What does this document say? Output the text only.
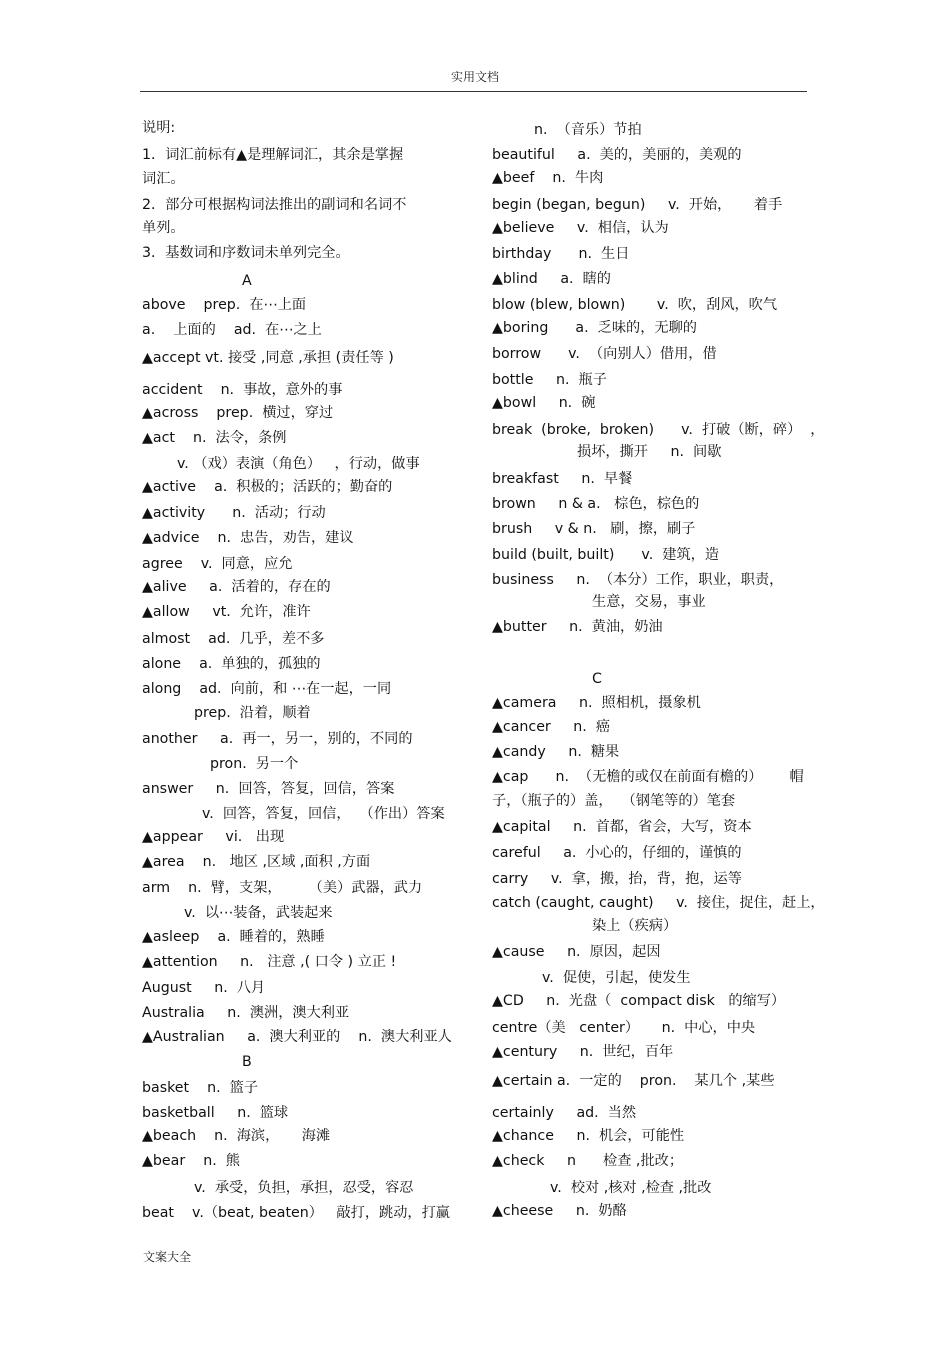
实用文档
说明:
1．词汇前标有▲是理解词汇，其余是掌握
词汇。
2．部分可根据构词法推出的副词和名词不
单列。
3．基数词和序数词未单列完全。
A
above    prep.  在⋯上面
a.    上面的    ad.  在⋯之上
▲accept vt. 接受 ,同意 ,承担 (责任等 )
accident    n.  事故，意外的事
▲across    prep.  横过，穿过
▲act    n.  法令，条例
v. （戏）表演（角色）   ，行动，做事
▲active    a.  积极的；活跃的；勤奋的
▲activity      n.  活动；行动
▲advice    n.  忠告，劝告，建议
agree    v.  同意，应允
▲alive     a.  活着的，存在的
▲allow     vt.  允许，准许
almost    ad.  几乎，差不多
alone    a.  单独的，孤独的
along    ad.  向前，和 ⋯在一起，一同
prep.  沿着，顺着
another     a.  再一，另一，别的，不同的
pron.  另一个
answer     n.  回答，答复，回信，答案
v.  回答，答复，回信，  （作出）答案
▲appear     vi.   出现
▲area    n.   地区 ,区域 ,面积 ,方面
arm    n.  臂，支架，      （美）武器，武力
v.  以⋯装备，武装起来
▲asleep    a.  睡着的，熟睡
▲attention     n.   注意 ,( 口令 ) 立正 !
August     n.  八月
Australia     n.  澳洲，澳大利亚
▲Australian     a.  澳大利亚的    n.  澳大利亚人
B
basket    n.  篮子
basketball     n.  篮球
▲beach    n.  海滨，     海滩
▲bear    n.  熊
v.  承受，负担，承担，忍受，容忍
beat    v.（beat, beaten）   敲打，跳动，打赢
n.  （音乐）节拍
beautiful     a.  美的，美丽的，美观的
▲beef    n.  牛肉
begin (began, begun)     v.  开始，     着手
▲believe     v.  相信，认为
birthday      n.  生日
▲blind     a.  瞎的
blow (blew, blown)       v.  吹，刮风，吹气
▲boring      a.  乏味的，无聊的
borrow      v.  （向别人）借用，借
bottle     n.  瓶子
▲bowl     n.  碗
break  (broke,  broken)      v.  打破（断，碎）  ，
损坏，撕开     n.  间歇
breakfast     n.  早餐
brown     n & a.   棕色，棕色的
brush     v & n.   刷，擦，刷子
build (built, built)      v.  建筑，造
business     n.  （本分）工作，职业，职责，
生意，交易，事业
▲butter     n.  黄油，奶油
C
▲camera     n.  照相机，摄象机
▲cancer     n.  癌
▲candy     n.  糖果
▲cap      n.  （无檐的或仅在前面有檐的）      帽
子，（瓶子的）盖，  （钢笔等的）笔套
▲capital     n.  首都，省会，大写，资本
careful     a.  小心的，仔细的，谨慎的
carry     v.  拿，搬，抬，背，抱，运等
catch (caught, caught)     v.  接住，捉住，赶上，
染上（疾病）
▲cause     n.  原因，起因
v.  促使，引起，使发生
▲CD     n.  光盘（  compact disk   的缩写）
centre（美   center）     n.  中心，中央
▲century     n.  世纪，百年
▲certain a.  一定的    pron.    某几个 ,某些
certainly     ad.  当然
▲chance     n.  机会，可能性
▲check     n      检查 ,批改；
v.  校对 ,核对 ,检查 ,批改
▲cheese     n.  奶酪
文案大全
